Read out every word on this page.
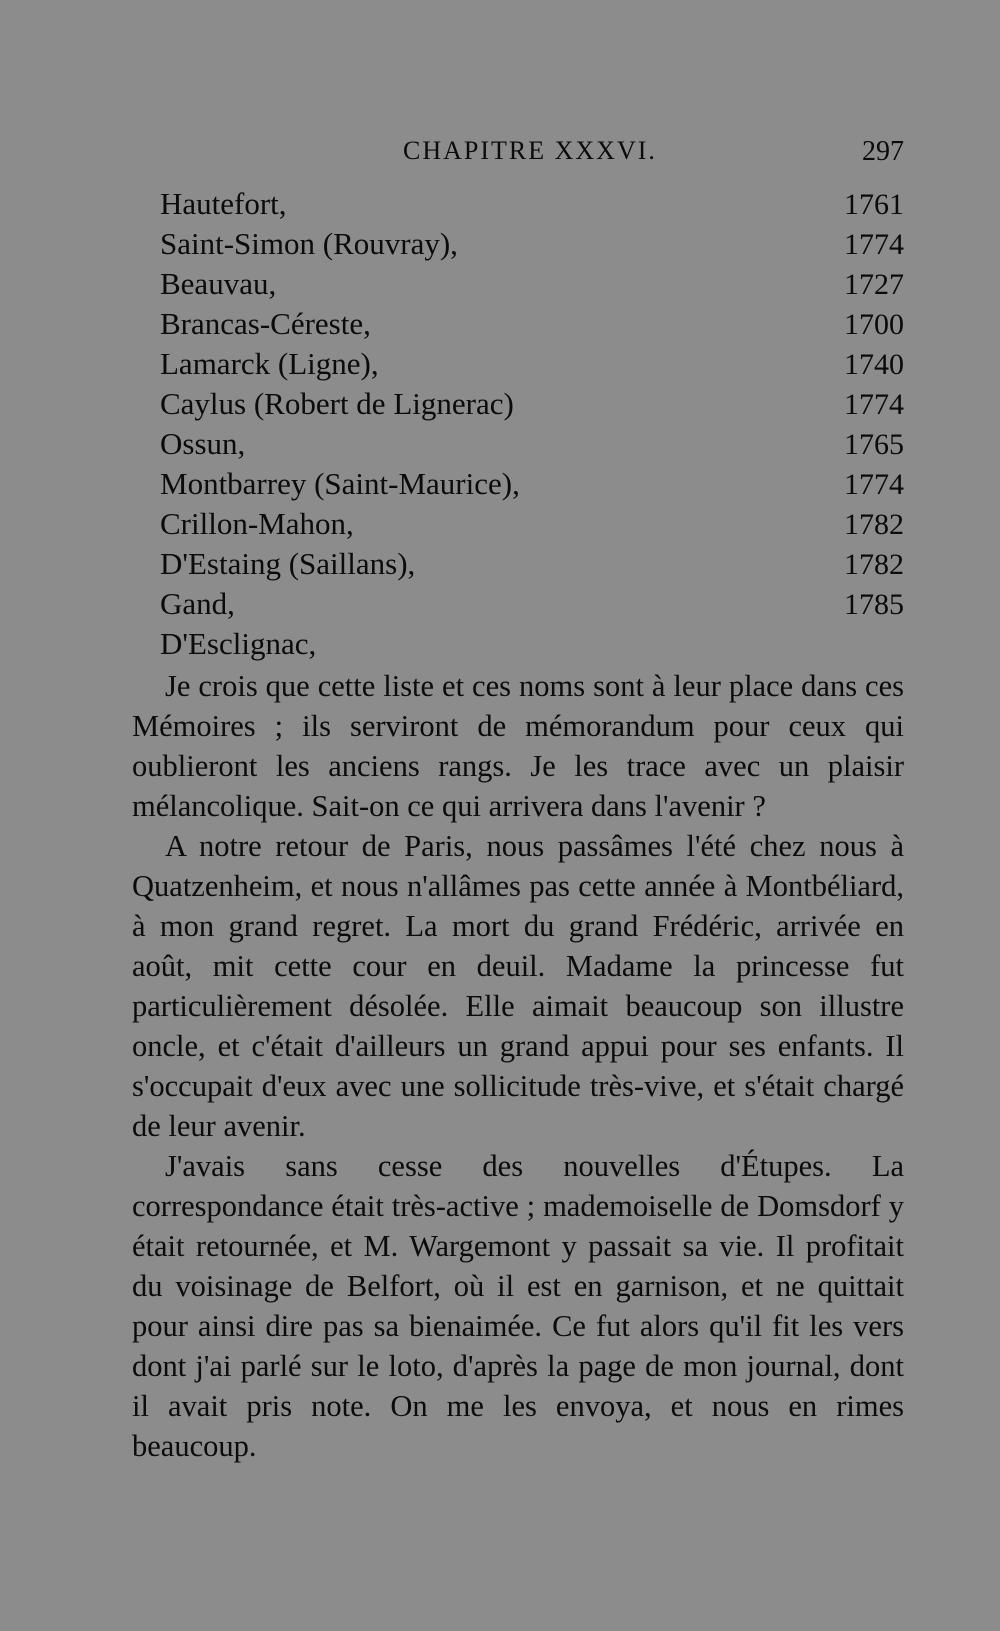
CHAPITRE XXXVI.	297
Hautefort,	1761
Saint-Simon (Rouvray),	1774
Beauvau,	1727
Brancas-Céreste,	1700
Lamarck (Ligne),	1740
Caylus (Robert de Lignerac)	1774
Ossun,	1765
Montbarrey (Saint-Maurice),	1774
Crillon-Mahon,	1782
D'Estaing (Saillans),	1782
Gand,	1785
D'Esclignac,

Je crois que cette liste et ces noms sont à leur place dans ces Mémoires ; ils serviront de mémorandum pour ceux qui oublieront les anciens rangs. Je les trace avec un plaisir mélancolique. Sait-on ce qui arrivera dans l'avenir ?

A notre retour de Paris, nous passâmes l'été chez nous à Quatzenheim, et nous n'allâmes pas cette année à Montbéliard, à mon grand regret. La mort du grand Frédéric, arrivée en août, mit cette cour en deuil. Madame la princesse fut particulièrement désolée. Elle aimait beaucoup son illustre oncle, et c'était d'ailleurs un grand appui pour ses enfants. Il s'occupait d'eux avec une sollicitude très-vive, et s'était chargé de leur avenir.

J'avais sans cesse des nouvelles d'Étupes. La correspondance était très-active ; mademoiselle de Domsdorf y était retournée, et M. Wargemont y passait sa vie. Il profitait du voisinage de Belfort, où il est en garnison, et ne quittait pour ainsi dire pas sa bienaimée. Ce fut alors qu'il fit les vers dont j'ai parlé sur le loto, d'après la page de mon journal, dont il avait pris note. On me les envoya, et nous en rimes beaucoup.
